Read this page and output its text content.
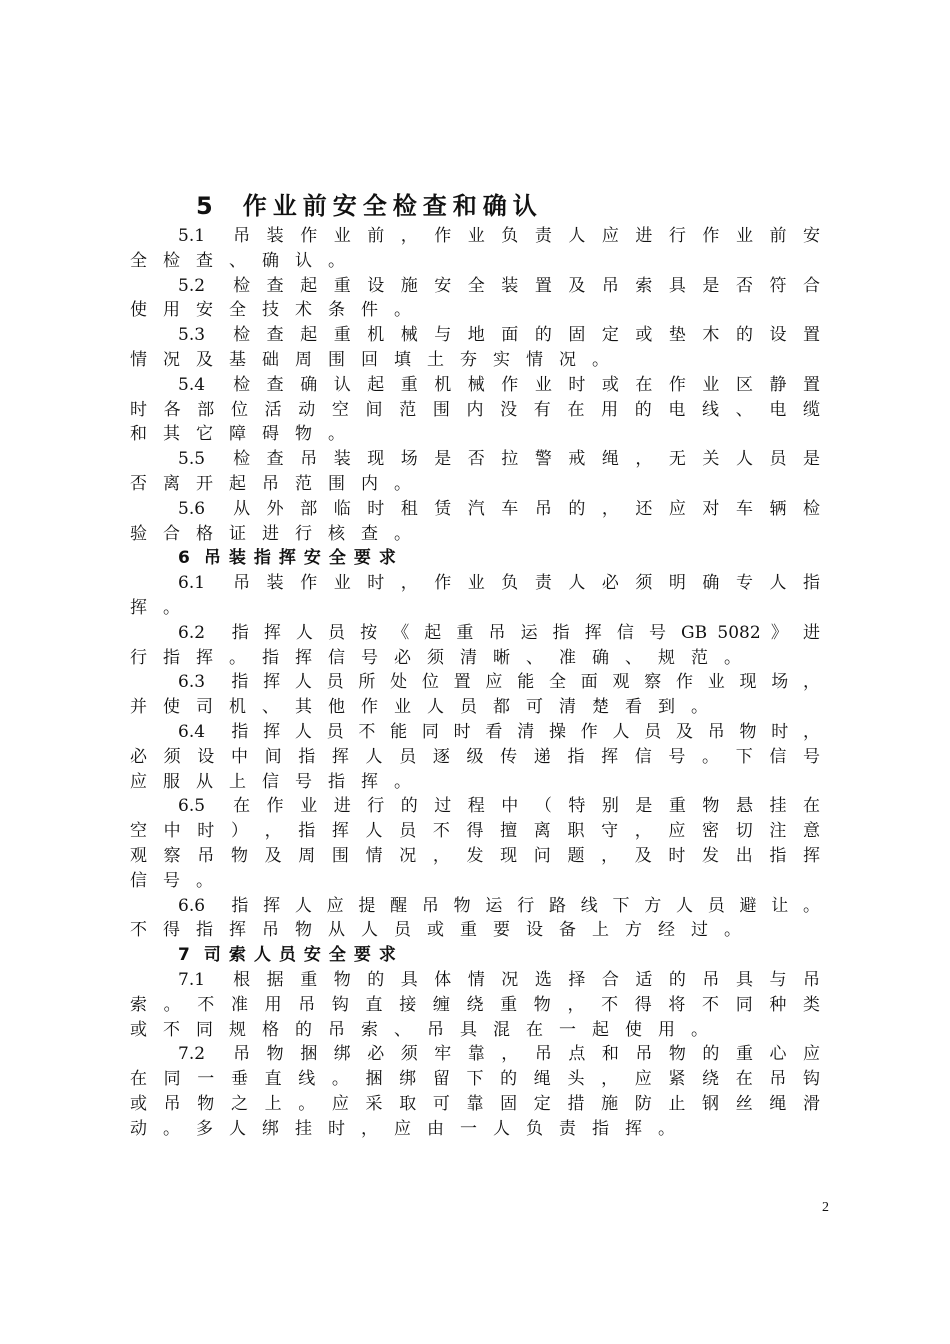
5 作业前安全检查和确认
5.1　吊 装 作 业 前 ， 作 业 负 责 人 应 进 行 作 业 前 安
全检查、确认。
5.2　检 查 起 重 设 施 安 全 装 置 及 吊 索 具 是 否 符 合
使用安全技术条件。
5.3　检 查 起 重 机 械 与 地 面 的 固 定 或 垫 木 的 设 置
情况及基础周围回填土夯实情况。
5.4　检 查 确 认 起 重 机 械 作 业 时 或 在 作 业 区 静 置
时 各 部 位 活 动 空 间 范 围 内 没 有 在 用 的 电 线 、 电 缆
和其它障碍物。
5.5　检 查 吊 装 现 场 是 否 拉 警 戒 绳 ， 无 关 人 员 是
否离开起吊范围内。
5.6　从 外 部 临 时 租 赁 汽 车 吊 的 ， 还 应 对 车 辆 检
验合格证进行核查。
6 吊装指挥安全要求
6.1　吊 装 作 业 时 ， 作 业 负 责 人 必 须 明 确 专 人 指
挥。
6.2　指 挥 人 员 按 《 起 重 吊 运 指 挥 信 号 GB 5082 》 进
行指挥。指挥信号必须清晰、准确、规范。
6.3　指 挥 人 员 所 处 位 置 应 能 全 面 观 察 作 业 现 场 ，
并使司机、其他作业人员都可清楚看到。
6.4　指 挥 人 员 不 能 同 时 看 清 操 作 人 员 及 吊 物 时 ，
必 须 设 中 间 指 挥 人 员 逐 级 传 递 指 挥 信 号 。 下 信 号
应服从上信号指挥。
6.5　在 作 业 进 行 的 过 程 中 （ 特 别 是 重 物 悬 挂 在
空 中 时 ） ， 指 挥 人 员 不 得 擅 离 职 守 ， 应 密 切 注 意
观 察 吊 物 及 周 围 情 况 ， 发 现 问 题 ， 及 时 发 出 指 挥
信号。
6.6　指 挥 人 应 提 醒 吊 物 运 行 路 线 下 方 人 员 避 让 。
不得指挥吊物从人员或重要设备上方经过。
7 司索人员安全要求
7.1　根 据 重 物 的 具 体 情 况 选 择 合 适 的 吊 具 与 吊
索 。 不 准 用 吊 钩 直 接 缠 绕 重 物 ， 不 得 将 不 同 种 类
或不同规格的吊索、吊具混在一起使用。
7.2　吊 物 捆 绑 必 须 牢 靠 ， 吊 点 和 吊 物 的 重 心 应
在 同 一 垂 直 线 。 捆 绑 留 下 的 绳 头 ， 应 紧 绕 在 吊 钩
或 吊 物 之 上 。 应 采 取 可 靠 固 定 措 施 防 止 钢 丝 绳 滑
动。多人绑挂时，应由一人负责指挥。
2
